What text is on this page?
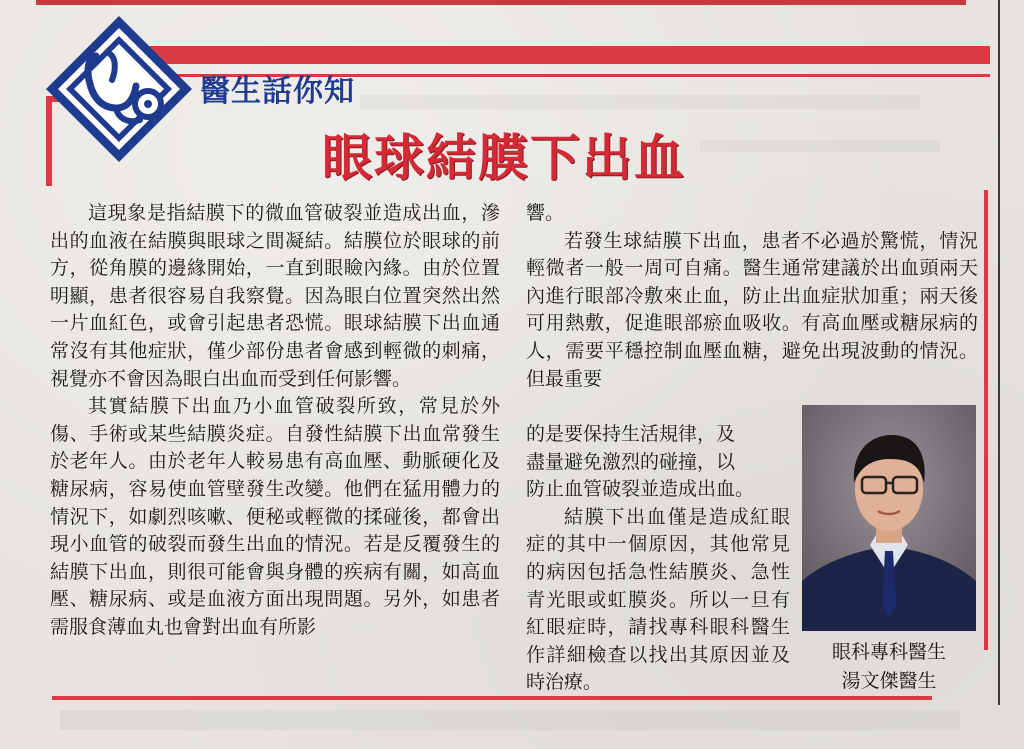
醫生話你知
眼球結膜下出血

這現象是指結膜下的微血管破裂並造成出血，滲出的血液在結膜與眼球之間凝結。結膜位於眼球的前方，從角膜的邊緣開始，一直到眼瞼內緣。由於位置明顯，患者很容易自我察覺。因為眼白位置突然出然一片血紅色，或會引起患者恐慌。眼球結膜下出血通常沒有其他症狀，僅少部份患者會感到輕微的刺痛，視覺亦不會因為眼白出血而受到任何影響。

其實結膜下出血乃小血管破裂所致，常見於外傷、手術或某些結膜炎症。自發性結膜下出血常發生於老年人。由於老年人較易患有高血壓、動脈硬化及糖尿病，容易使血管壁發生改變。他們在猛用體力的情況下，如劇烈咳嗽、便秘或輕微的揉碰後，都會出現小血管的破裂而發生出血的情況。若是反覆發生的結膜下出血，則很可能會與身體的疾病有關，如高血壓、糖尿病、或是血液方面出現問題。另外，如患者需服食薄血丸也會對出血有所影

響。

若發生球結膜下出血，患者不必過於驚慌，情況輕微者一般一周可自痛。醫生通常建議於出血頭兩天內進行眼部冷敷來止血，防止出血症狀加重；兩天後可用熱敷，促進眼部瘀血吸收。有高血壓或糖尿病的人，需要平穩控制血壓血糖，避免出現波動的情況。但最重要

的是要保持生活規律，及
盡量避免激烈的碰撞，以
防止血管破裂並造成出血。

結膜下出血僅是造成紅眼症的其中一個原因，其他常見的病因包括急性結膜炎、急性青光眼或虹膜炎。所以一旦有紅眼症時，請找專科眼科醫生作詳細檢查以找出其原因並及時治療。

眼科專科醫生
湯文傑醫生
